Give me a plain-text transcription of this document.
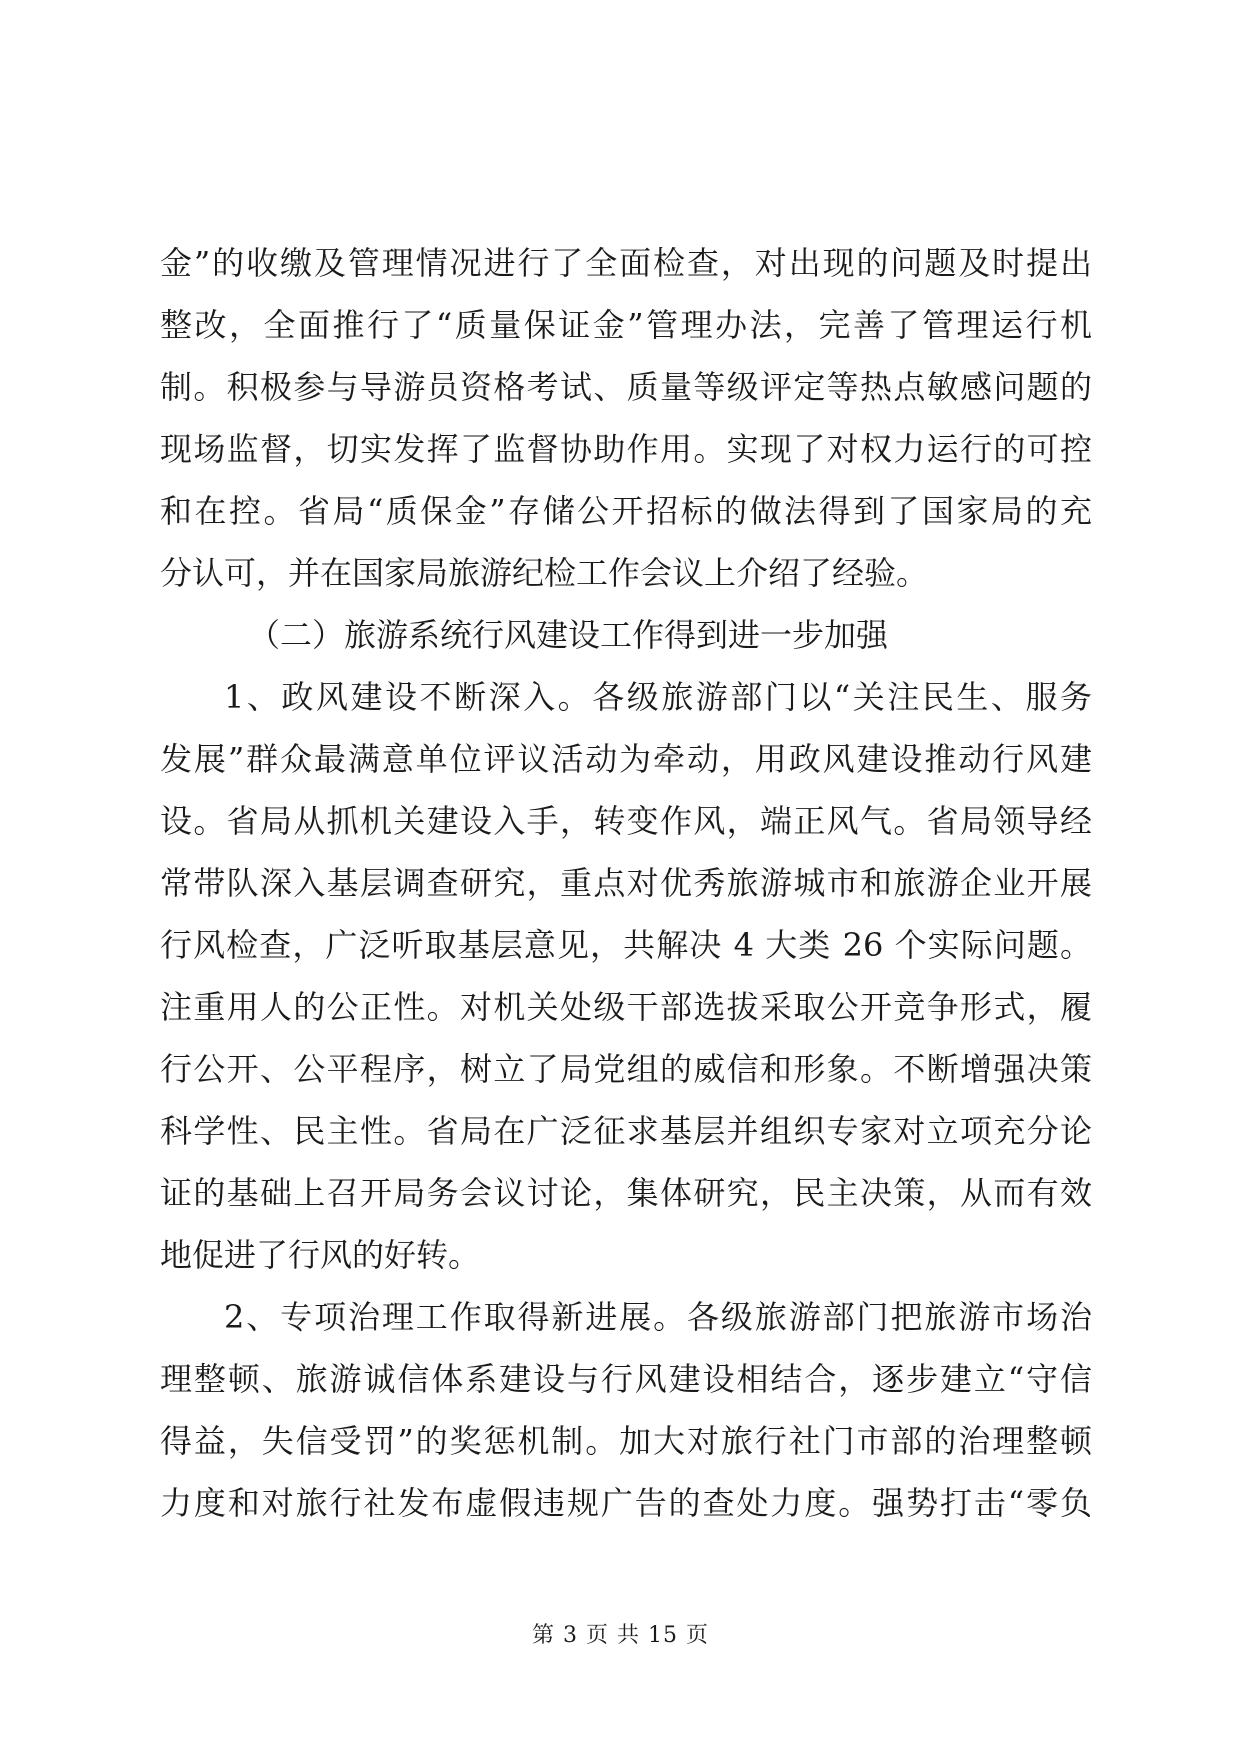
金”的收缴及管理情况进行了全面检查，对出现的问题及时提出
整改，全面推行了“质量保证金”管理办法，完善了管理运行机
制。积极参与导游员资格考试、质量等级评定等热点敏感问题的
现场监督，切实发挥了监督协助作用。实现了对权力运行的可控
和在控。省局“质保金”存储公开招标的做法得到了国家局的充
分认可，并在国家局旅游纪检工作会议上介绍了经验。
（二）旅游系统行风建设工作得到进一步加强
1、政风建设不断深入。各级旅游部门以“关注民生、服务
发展”群众最满意单位评议活动为牵动，用政风建设推动行风建
设。省局从抓机关建设入手，转变作风，端正风气。省局领导经
常带队深入基层调查研究，重点对优秀旅游城市和旅游企业开展
行风检查，广泛听取基层意见，共解决 4 大类 26 个实际问题。
注重用人的公正性。对机关处级干部选拔采取公开竞争形式，履
行公开、公平程序，树立了局党组的威信和形象。不断增强决策
科学性、民主性。省局在广泛征求基层并组织专家对立项充分论
证的基础上召开局务会议讨论，集体研究，民主决策，从而有效
地促进了行风的好转。
2、专项治理工作取得新进展。各级旅游部门把旅游市场治
理整顿、旅游诚信体系建设与行风建设相结合，逐步建立“守信
得益，失信受罚”的奖惩机制。加大对旅行社门市部的治理整顿
力度和对旅行社发布虚假违规广告的查处力度。强势打击“零负
第 3 页 共 15 页
